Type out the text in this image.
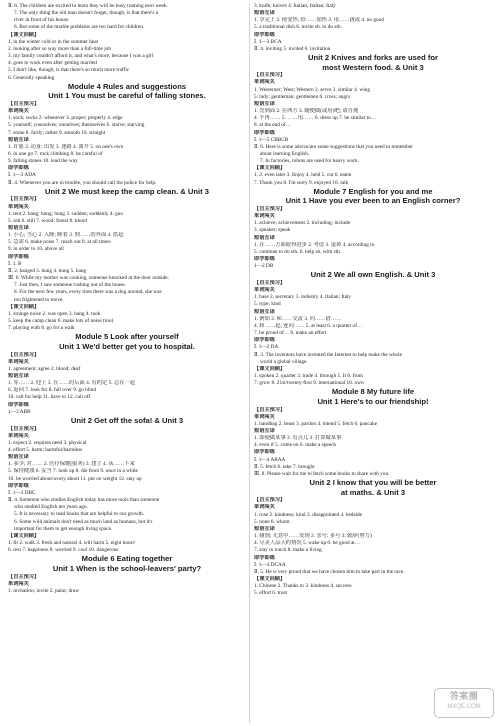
Ⅱ. 6. The children are excited to learn they will be busy training next week.
7. The only thing the old man doesn't forget, though, is that there's a
river in front of his house.
8. But some of the marble problems are too hard for children.
【课文回顾】
1. in the winter cold or in the summer heat
2. looking after so way more than a full-time job
3. my family couldn't afford it, and what's more, because I was a girl
4. goes to work even after getting married
5. I don't like, though, is that there's so much more traffic
6. Generally speaking
Module 4 Rules and suggestions
Unit 1 You must be careful of falling stones.
【自主预习】
单词闯关
1. sock; socks 2. whenever 3. proper; properly 4. edge
5. yourself; yourselves; ourselves; themselves 6. starve; starving
7. stone 8. fairly; rather 9. smooth 10. straight
短语互译
1. 许愿 2. 动身; 出发 3. 迷路 4. 离开 5. on one's own
6. in one go 7. rock climbing 8. be careful of
9. falling stones 10. lead the way
即学即练
Ⅰ. 1—3 ADA
Ⅱ. 4. Whenever you are in trouble, you should call the police for help.
Unit 2 We must keep the camp clean. & Unit 3
【自主预习】
单词闯关
1. tent 2. hang; hung; hung 3. sudden; suddenly 4. gun
5. ash 6. still 7. wood; forest 8. blood
短语互译
1. 小心; 当心 2. 入睡; 睡着 3. 到……的外面 4. 搭起
5. 急需 6. make noise 7. reach out 8. at all times
9. in order to 10. above all
即学即练
Ⅰ. 1. B
Ⅱ. 2. hanged 3. hung 4. hung 5. hang
Ⅲ. 6. While my mother was cooking, someone knocked at the door outside.
7. Just then, I saw someone rushing out of the house.
8. For the next few years, every time there was a dog around, she was
too frightened to move.
【课文回顾】
1. strange noise 2. was open 3. hang 4. took
5. keep the camp clean 6. make lots of noise (too)
7. playing with 8. go for a walk
Module 5 Look after yourself
Unit 1 We'd better get you to hospital.
【自主预习】
单词闯关
1. agreement; agree 2. blood; deaf
短语互译
1. 等…… 2. 迎上 3. 在……的后面 4. 有约定 5. 总在一起
6. 返回 7. look for 8. fall over 9. go blind
10. call for help 11. have to 12. call off
即学即练
1—3 ABB
Unit 2 Get off the sofa! & Unit 3
【自主预习】
单词闯关
1. expect 2. requires need 3. physical
4. effort 5. harm; harmful/harmless
短语互译
1. 多少; 对…… 2. 医疗保健(服务) 3. 建立 4. 从……下来
5. 保持健康 6. 妥当 7. look up 8. die from 9. once in a while
10. be worried about/worry about 11. put on weight 12. stay up
即学即练
Ⅰ. 1—3 DBC
Ⅱ. 4. Someone who studies English today has more tools than someone
who studied English ten years ago.
5. It is necessary to read books that are helpful to our growth.
6. Some wild animals don't need as much land as humans, but it's
important for them to get enough living space.
【课文回顾】
1. fit 2. walk 3. fresh and natural 4. will harm 5. eight hours'
6. rest 7. happiness 8. worried 9. cool 10. dangerous
Module 6 Eating together
Unit 1 When is the school-leavers' party?
【自主预习】
单词闯关
1. invitation; invite 2. paint; draw
3. knife; knives 4. Italian; Italian; Italy
短语互译
1. 享完上 2. 使变热; 给……加热 3. 用……拢或 4. no good
5. a traditional dish 6. invite sb. to do sth.
即学即练
Ⅰ. 1—3 BCA
Ⅱ. 4. inviting 5. invited 6. invitation
Unit 2 Knives and forks are used for
most Western food. & Unit 3
【自主预习】
单词闯关
1. Westerner; West; Western 2. serve 3. similar 4. wing
5. lady; gentleman; gentlemen 6. cross; angry
短语互译
1. 签到面 2. 在西方 3. 随便做(或用)吧; 请自便
4. 不再…… 5. ……用…… 6. dress up 7. be similar to…
8. at the end of…
即学即练
Ⅰ. 1—5 CBBCB
Ⅱ. 6. Here is some advice/are some suggestions that you need to remember
about learning English.
7. In factories, robots are used for heavy work.
【课文回顾】
1. 2. even later 3. Enjoy 4. held 5. cut 6. eaten
7. Thank you 8. I'm sorry 9. enjoyed 10. talk
Module 7 English for you and me
Unit 1 Have you ever been to an English corner?
【自主预习】
单词闯关
1. achieve; achievement 2. including; include
3. speaker; speak
短语互译
1. 在……方面取得进步 2. 考虑 3. 退掉 4. according to
5. continue to do sth. 6. help sb. with sth.
即学即练
1—2 DB
Unit 2 We all own English. & Unit 3
【自主预习】
单词闯关
1. base 2. secretary 3. industry 4. Italian; Italy
5. type; kind
短语互译
1. 例如 2. 和……交流 3. 问……借……
4. 和……起; 连同…… 5. at least 6. a quarter of…
7. be proud of… 8. make an effort
即学即练
Ⅰ. 1—2 DA
Ⅱ. 3. The inventors have invented the Internet to help make the whole
world a global village.
【课文回顾】
1. spoken 2. quarter 3. trade 4. through 5. It 6. from
7. grow 8. 21st/twenty-first 9. international 10. own
Module 8 My future life
Unit 1 Here's to our friendship!
【自主预习】
单词闯关
1. handbag 2. beast 3. pardon 4. intend 5. fetch 6. pancake
短语互译
1. 即使做某事 2. 有点儿 3. 打算做某事
4. even if 5. come on 6. make a speech
即学即练
Ⅰ. 1—4 ABAA
Ⅱ. 5. fetch 6. take 7. brought
Ⅲ. 8. Please wait for me to fetch some books to share with you.
Unit 2 I know that you will be better
at maths. & Unit 3
【自主预习】
单词闯关
1. rose 2. kindness; kind 3. disappointed 4. bedside
5. none 6. whom
短语互译
1. 碰到; 无意中……发现 2. 亲号; 多号 3. 致辞(努力)
4. 尽美人品大约情况 5. wake up 6. be good at…
7. stay in touch 8. make a living
即学即练
Ⅰ. 1—4 DCAA
Ⅱ. 5. He is very proud that we have chosen him to take part in the race.
【课文回顾】
1. Chinese 2. Thanks to 3. kindness 4. success
5. effort 6. trust
答案圈
MXQE.COM
